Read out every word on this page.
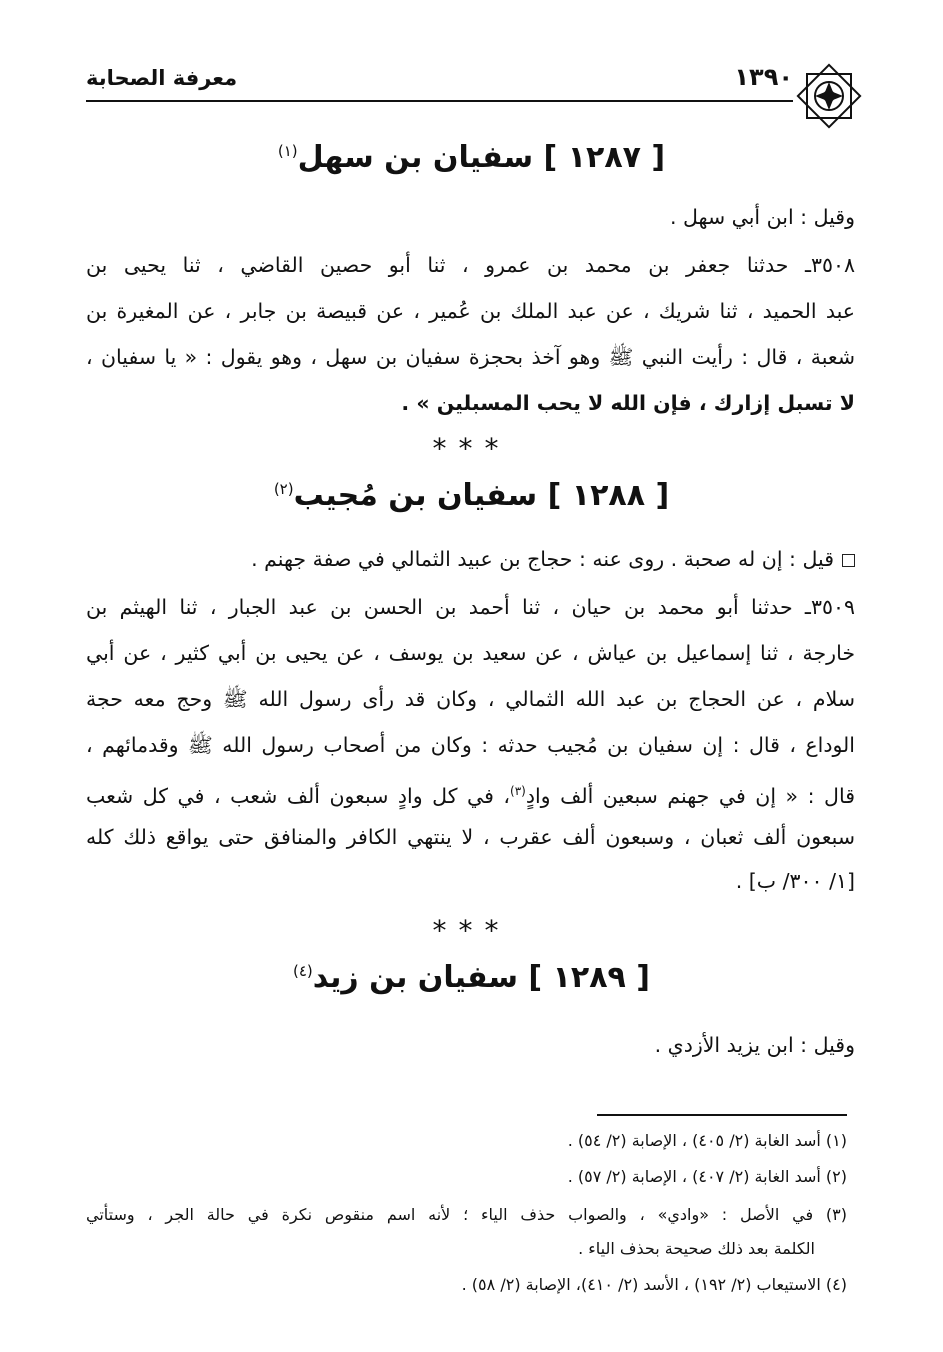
١٣٩٠
معرفة الصحابة
[ ١٢٨٧ ] سفيان بن سهل$^{(١)}$
وقيل : ابن أبي سهل .
٣٥٠٨ـ حدثنا جعفر بن محمد بن عمرو ، ثنا أبو حصين القاضي ، ثنا يحيى بن
عبد الحميد ، ثنا شريك ، عن عبد الملك بن عُمير ، عن قبيصة بن جابر ، عن المغيرة بن
شعبة ، قال : رأيت النبي ﷺ وهو آخذ بحجزة سفيان بن سهل ، وهو يقول : « يا سفيان ،
لا تسبل إزارك ، فإن الله لا يحب المسبلين » .
***
[ ١٢٨٨ ] سفيان بن مُجيب$^{(٢)}$
قيل : إن له صحبة . روى عنه : حجاج بن عبيد الثمالي في صفة جهنم .
٣٥٠٩ـ حدثنا أبو محمد بن حيان ، ثنا أحمد بن الحسن بن عبد الجبار ، ثنا الهيثم بن
خارجة ، ثنا إسماعيل بن عياش ، عن سعيد بن يوسف ، عن يحيى بن أبي كثير ، عن أبي
سلام ، عن الحجاج بن عبد الله الثمالي ، وكان قد رأى رسول الله ﷺ وحج معه حجة
الوداع ، قال : إن سفيان بن مُجيب حدثه : وكان من أصحاب رسول الله ﷺ وقدمائهم ،
قال : « إن في جهنم سبعين ألف وادٍ$^{(٣)}$، في كل وادٍ سبعون ألف شعب ، في كل شعب
سبعون ألف ثعبان ، وسبعون ألف عقرب ، لا ينتهي الكافر والمنافق حتى يواقع ذلك كله
[١/ ٣٠٠/ ب] .
***
[ ١٢٨٩ ] سفيان بن زيد$^{(٤)}$
وقيل : ابن يزيد الأزدي .
(١) أسد الغابة (٢/ ٤٠٥) ، الإصابة (٢/ ٥٤) .
(٢) أسد الغابة (٢/ ٤٠٧) ، الإصابة (٢/ ٥٧) .
(٣) في الأصل : «وادي» ، والصواب حذف الياء ؛ لأنه اسم منقوص نكرة في حالة الجر ، وستأتي
الكلمة بعد ذلك صحيحة بحذف الياء .
(٤) الاستيعاب (٢/ ١٩٢) ، الأسد (٢/ ٤١٠)، الإصابة (٢/ ٥٨) .
